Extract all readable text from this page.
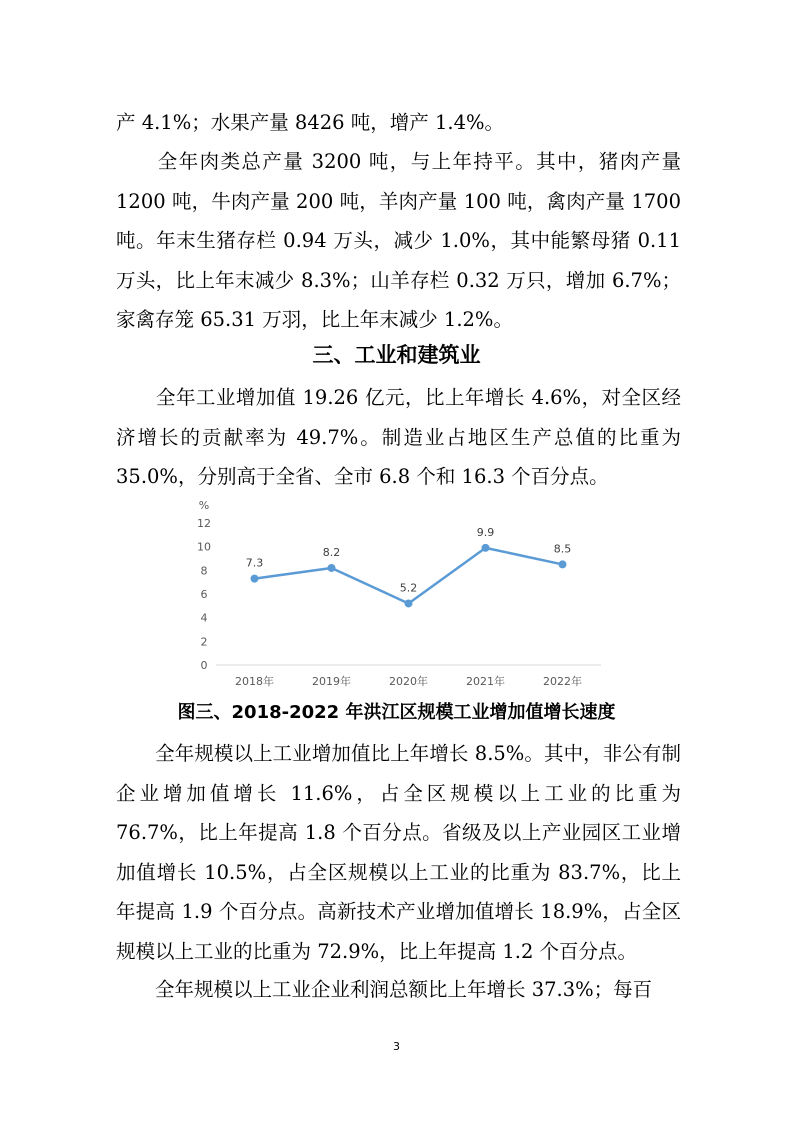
产 4.1%；水果产量 8426 吨，增产 1.4%。

　　全年肉类总产量 3200 吨，与上年持平。其中，猪肉产量 1200 吨，牛肉产量 200 吨，羊肉产量 100 吨，禽肉产量 1700 吨。年末生猪存栏 0.94 万头，减少 1.0%，其中能繁母猪 0.11 万头，比上年末减少 8.3%；山羊存栏 0.32 万只，增加 6.7%；家禽存笼 65.31 万羽，比上年末减少 1.2%。

三、工业和建筑业

　　全年工业增加值 19.26 亿元，比上年增长 4.6%，对全区经济增长的贡献率为 49.7%。制造业占地区生产总值的比重为 35.0%，分别高于全省、全市 6.8 个和 16.3 个百分点。

%
0
2
4
6
8
10
12
2018年	2019年	2020年	2021年	2022年
7.3
8.2
5.2
9.9
8.5
图三、2018-2022 年洪江区规模工业增加值增长速度

　　全年规模以上工业增加值比上年增长 8.5%。其中，非公有制企业增加值增长 11.6%，占全区规模以上工业的比重为 76.7%，比上年提高 1.8 个百分点。省级及以上产业园区工业增加值增长 10.5%，占全区规模以上工业的比重为 83.7%，比上年提高 1.9 个百分点。高新技术产业增加值增长 18.9%，占全区规模以上工业的比重为 72.9%，比上年提高 1.2 个百分点。

　　全年规模以上工业企业利润总额比上年增长 37.3%；每百

3
